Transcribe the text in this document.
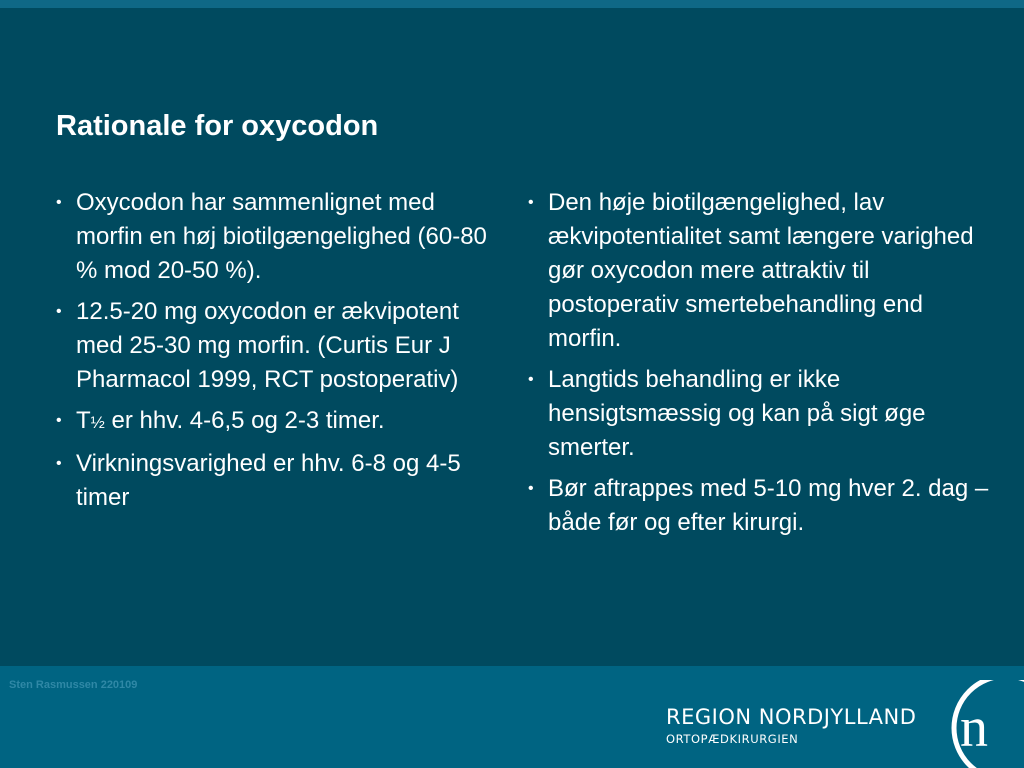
Rationale for oxycodon
• Oxycodon har sammenlignet med morfin en høj biotilgængelighed (60-80 % mod 20-50 %).
• 12.5-20 mg oxycodon er ækvipotent med 25-30 mg morfin. (Curtis Eur J Pharmacol 1999, RCT postoperativ)
• T½ er hhv. 4-6,5 og 2-3 timer.
• Virkningsvarighed er hhv. 6-8 og 4-5 timer
• Den høje biotilgængelighed, lav ækvipotentialitet samt længere varighed gør oxycodon mere attraktiv til postoperativ smertebehandling end morfin.
• Langtids behandling er ikke hensigtsmæssig og kan på sigt øge smerter.
• Bør aftrappes med 5-10 mg hver 2. dag – både før og efter kirurgi.
Sten Rasmussen 220109
REGION NORDJYLLAND
ORTOPÆDKIRURGIEN	n
